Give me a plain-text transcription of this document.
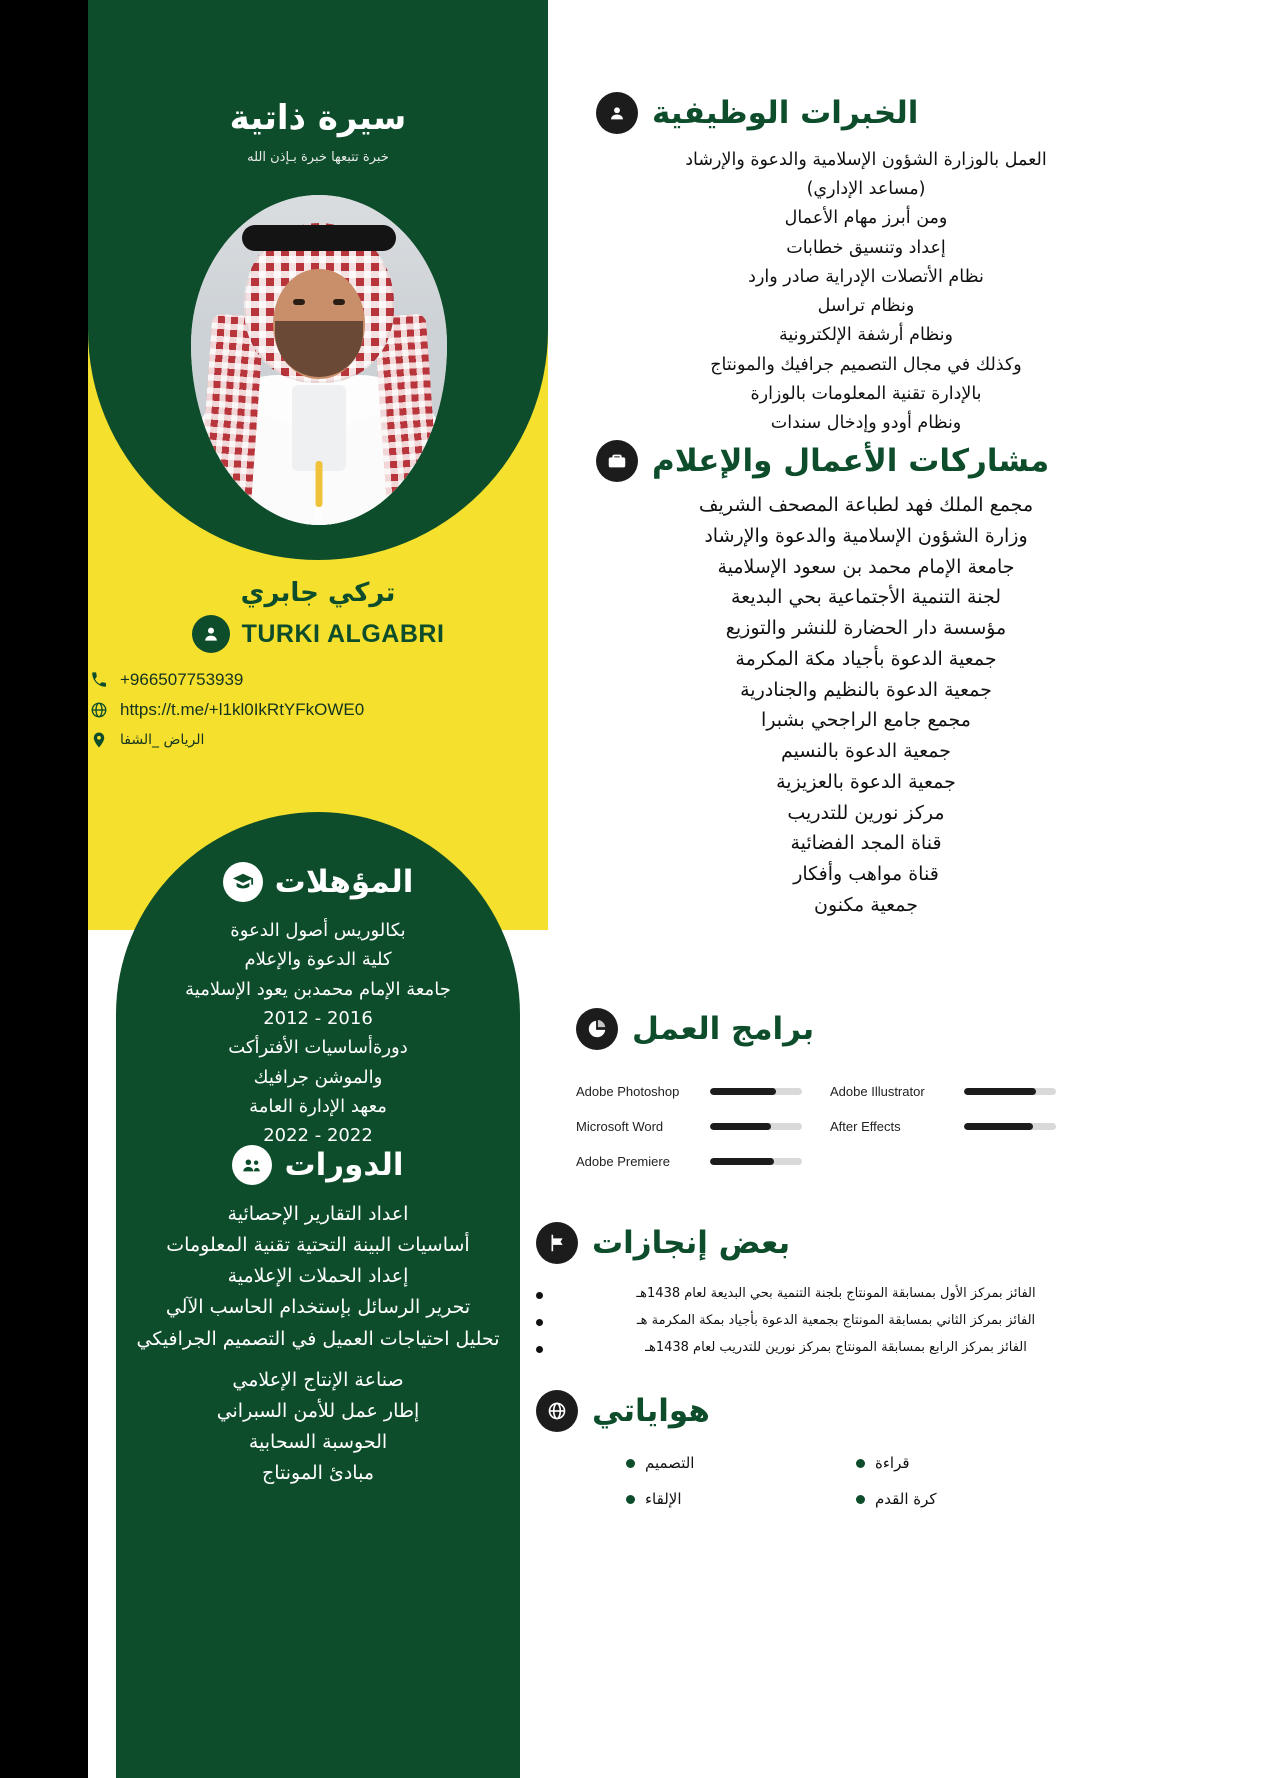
سيرة ذاتية
خبرة تتبعها خبرة بـإذن الله
تركي جابري
TURKI ALGABRI
+966507753939
https://t.me/+l1kl0IkRtYFkOWE0
الرياض _الشفا
المؤهلات
بكالوريس أصول الدعوة
كلية الدعوة والإعلام
جامعة الإمام محمدبن يعود الإسلامية
2016 - 2012
دورةأساسيات الأفترأكت
والموشن جرافيك
معهد الإدارة العامة
2022 - 2022
الدورات
اعداد التقارير الإحصائية
أساسيات البينة التحتية تقنية المعلومات
إعداد الحملات الإعلامية
تحرير الرسائل بإستخدام الحاسب الآلي
تحليل احتياجات العميل في التصميم الجرافيكي
صناعة الإنتاج الإعلامي
إطار عمل للأمن السبراني
الحوسبة السحابية
مبادئ المونتاج
الخبرات الوظيفية
العمل بالوزارة الشؤون الإسلامية والدعوة والإرشاد
(مساعد الإداري)
ومن أبرز مهام الأعمال
إعداد وتنسيق خطابات
نظام الأتصلات الإدراية صادر وارد
ونظام تراسل
ونظام أرشفة الإلكترونية
وكذلك في مجال التصميم جرافيك والمونتاج
بالإدارة تقنية المعلومات بالوزارة
ونظام أودو وإدخال سندات
مشاركات الأعمال والإعلام
مجمع الملك فهد لطباعة المصحف الشريف
وزارة الشؤون الإسلامية والدعوة والإرشاد
جامعة الإمام محمد بن سعود الإسلامية
لجنة التنمية الأجتماعية بحي البديعة
مؤسسة دار الحضارة للنشر والتوزيع
جمعية الدعوة بأجياد مكة المكرمة
جمعية الدعوة بالنظيم والجنادرية
مجمع جامع الراجحي بشبرا
جمعية الدعوة بالنسيم
جمعية الدعوة بالعزيزية
مركز نورين للتدريب
قناة المجد الفضائية
قناة مواهب وأفكار
جمعية مكنون
برامج العمل
Adobe Photoshop
Microsoft Word
Adobe Premiere
Adobe Illustrator
After Effects
بعض إنجازات
الفائز بمركز الأول بمسابقة المونتاج بلجنة التنمية بحي البديعة لعام 1438هـ
الفائز بمركز الثاني بمسابقة المونتاج بجمعية الدعوة بأجياد بمكة المكرمة هـ
الفائز بمركز الرابع بمسابقة المونتاج بمركز نورين للتدريب لعام 1438هـ
هواياتي
قراءة
التصميم
كرة القدم
الإلقاء
